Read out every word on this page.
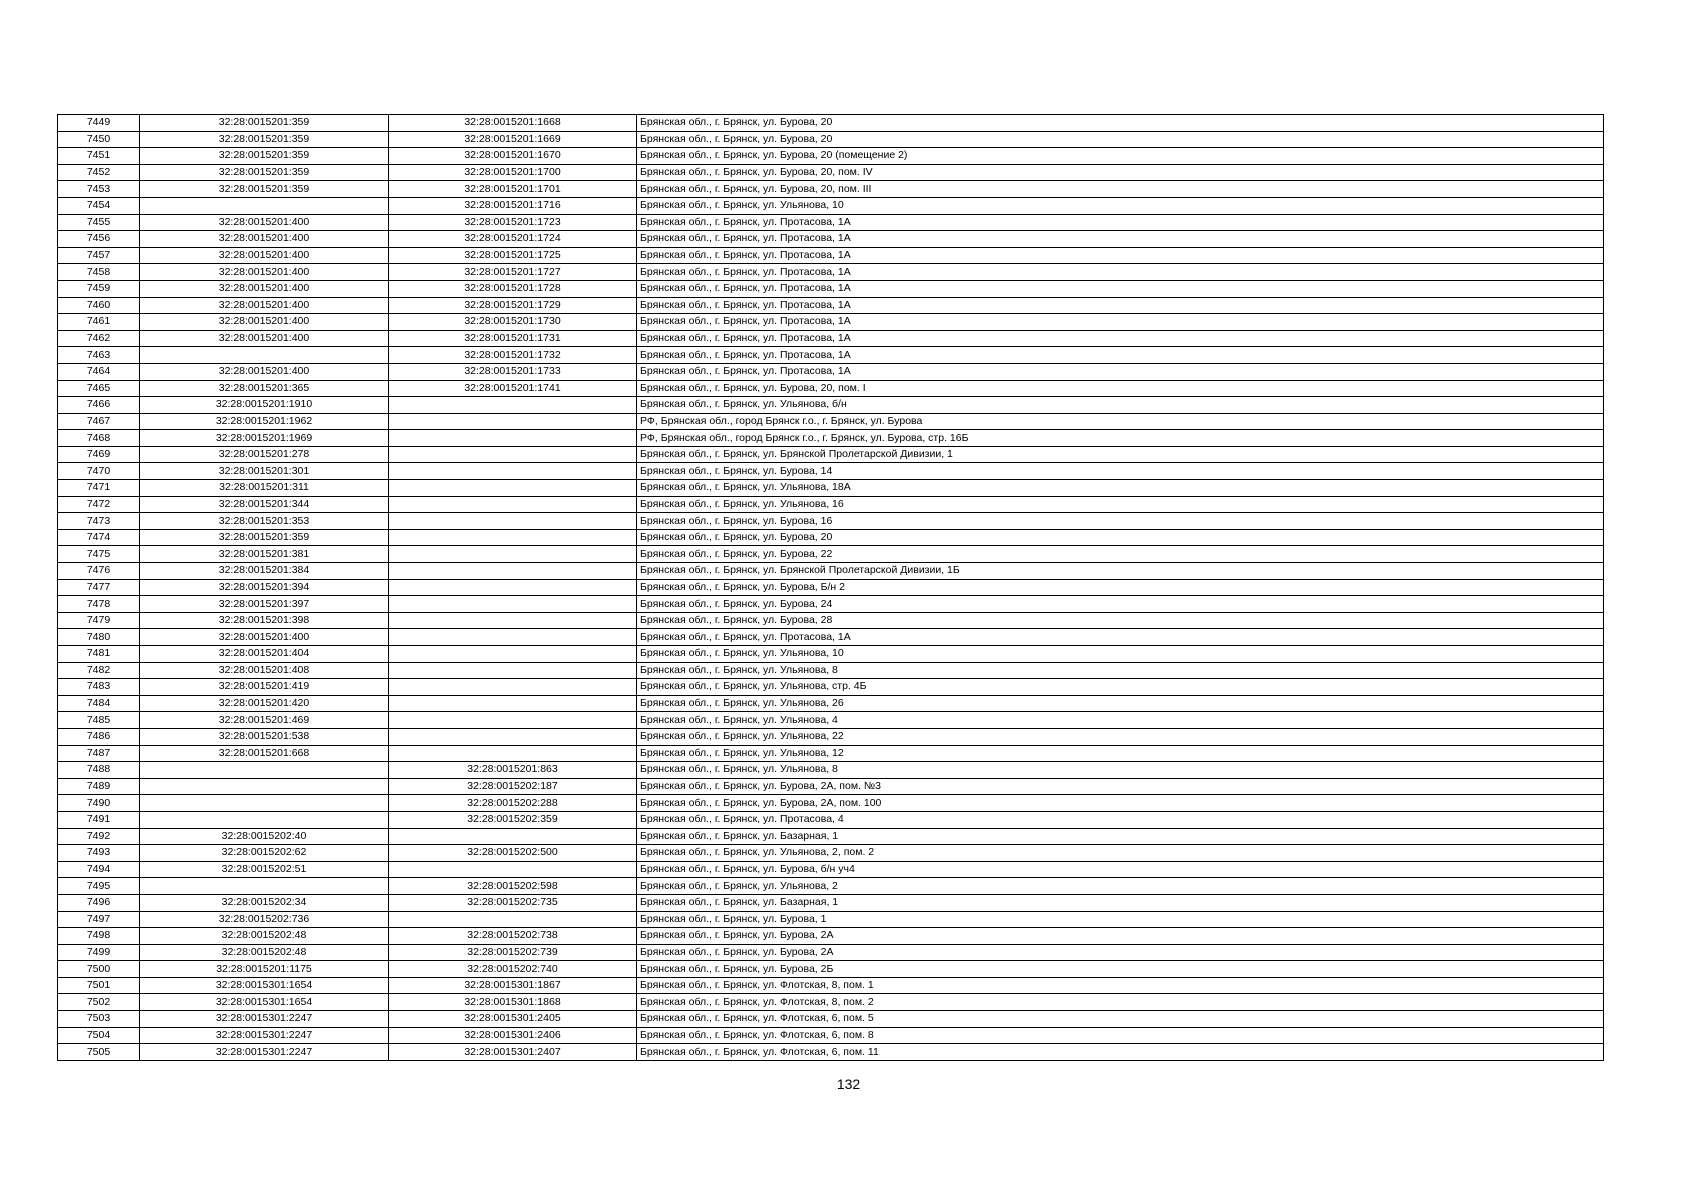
7449	32:28:0015201:359	32:28:0015201:1668	Брянская обл., г. Брянск, ул. Бурова, 20
7450	32:28:0015201:359	32:28:0015201:1669	Брянская обл., г. Брянск, ул. Бурова, 20
7451	32:28:0015201:359	32:28:0015201:1670	Брянская обл., г. Брянск, ул. Бурова, 20 (помещение 2)
7452	32:28:0015201:359	32:28:0015201:1700	Брянская обл., г. Брянск, ул. Бурова, 20, пом. IV
7453	32:28:0015201:359	32:28:0015201:1701	Брянская обл., г. Брянск, ул. Бурова, 20, пом. III
7454		32:28:0015201:1716	Брянская обл., г. Брянск, ул. Ульянова, 10
7455	32:28:0015201:400	32:28:0015201:1723	Брянская обл., г. Брянск, ул. Протасова, 1А
7456	32:28:0015201:400	32:28:0015201:1724	Брянская обл., г. Брянск, ул. Протасова, 1А
7457	32:28:0015201:400	32:28:0015201:1725	Брянская обл., г. Брянск, ул. Протасова, 1А
7458	32:28:0015201:400	32:28:0015201:1727	Брянская обл., г. Брянск, ул. Протасова, 1А
7459	32:28:0015201:400	32:28:0015201:1728	Брянская обл., г. Брянск, ул. Протасова, 1А
7460	32:28:0015201:400	32:28:0015201:1729	Брянская обл., г. Брянск, ул. Протасова, 1А
7461	32:28:0015201:400	32:28:0015201:1730	Брянская обл., г. Брянск, ул. Протасова, 1А
7462	32:28:0015201:400	32:28:0015201:1731	Брянская обл., г. Брянск, ул. Протасова, 1А
7463		32:28:0015201:1732	Брянская обл., г. Брянск, ул. Протасова, 1А
7464	32:28:0015201:400	32:28:0015201:1733	Брянская обл., г. Брянск, ул. Протасова, 1А
7465	32:28:0015201:365	32:28:0015201:1741	Брянская обл., г. Брянск, ул. Бурова, 20, пом. I
7466	32:28:0015201:1910		Брянская обл., г. Брянск, ул. Ульянова, б/н
7467	32:28:0015201:1962		РФ, Брянская обл., город Брянск г.о., г. Брянск, ул. Бурова
7468	32:28:0015201:1969		РФ, Брянская обл., город Брянск г.о., г. Брянск, ул. Бурова, стр. 16Б
7469	32:28:0015201:278		Брянская обл., г. Брянск, ул. Брянской Пролетарской Дивизии, 1
7470	32:28:0015201:301		Брянская обл., г. Брянск, ул. Бурова, 14
7471	32:28:0015201:311		Брянская обл., г. Брянск, ул. Ульянова, 18А
7472	32:28:0015201:344		Брянская обл., г. Брянск, ул. Ульянова, 16
7473	32:28:0015201:353		Брянская обл., г. Брянск, ул. Бурова, 16
7474	32:28:0015201:359		Брянская обл., г. Брянск, ул. Бурова, 20
7475	32:28:0015201:381		Брянская обл., г. Брянск, ул. Бурова, 22
7476	32:28:0015201:384		Брянская обл., г. Брянск, ул. Брянской Пролетарской Дивизии, 1Б
7477	32:28:0015201:394		Брянская обл., г. Брянск, ул. Бурова, Б/н 2
7478	32:28:0015201:397		Брянская обл., г. Брянск, ул. Бурова, 24
7479	32:28:0015201:398		Брянская обл., г. Брянск, ул. Бурова, 28
7480	32:28:0015201:400		Брянская обл., г. Брянск, ул. Протасова, 1А
7481	32:28:0015201:404		Брянская обл., г. Брянск, ул. Ульянова, 10
7482	32:28:0015201:408		Брянская обл., г. Брянск, ул. Ульянова, 8
7483	32:28:0015201:419		Брянская обл., г. Брянск, ул. Ульянова, стр. 4Б
7484	32:28:0015201:420		Брянская обл., г. Брянск, ул. Ульянова, 26
7485	32:28:0015201:469		Брянская обл., г. Брянск, ул. Ульянова, 4
7486	32:28:0015201:538		Брянская обл., г. Брянск, ул. Ульянова, 22
7487	32:28:0015201:668		Брянская обл., г. Брянск, ул. Ульянова, 12
7488		32:28:0015201:863	Брянская обл., г. Брянск, ул. Ульянова, 8
7489		32:28:0015202:187	Брянская обл., г. Брянск, ул. Бурова, 2А, пом. №3
7490		32:28:0015202:288	Брянская обл., г. Брянск, ул. Бурова, 2А, пом. 100
7491		32:28:0015202:359	Брянская обл., г. Брянск, ул. Протасова, 4
7492	32:28:0015202:40		Брянская обл., г. Брянск, ул. Базарная, 1
7493	32:28:0015202:62	32:28:0015202:500	Брянская обл., г. Брянск, ул. Ульянова, 2, пом. 2
7494	32:28:0015202:51		Брянская обл., г. Брянск, ул. Бурова, б/н уч4
7495		32:28:0015202:598	Брянская обл., г. Брянск, ул. Ульянова, 2
7496	32:28:0015202:34	32:28:0015202:735	Брянская обл., г. Брянск, ул. Базарная, 1
7497	32:28:0015202:736		Брянская обл., г. Брянск, ул. Бурова, 1
7498	32:28:0015202:48	32:28:0015202:738	Брянская обл., г. Брянск, ул. Бурова, 2А
7499	32:28:0015202:48	32:28:0015202:739	Брянская обл., г. Брянск, ул. Бурова, 2А
7500	32:28:0015201:1175	32:28:0015202:740	Брянская обл., г. Брянск, ул. Бурова, 2Б
7501	32:28:0015301:1654	32:28:0015301:1867	Брянская обл., г. Брянск, ул. Флотская, 8, пом. 1
7502	32:28:0015301:1654	32:28:0015301:1868	Брянская обл., г. Брянск, ул. Флотская, 8, пом. 2
7503	32:28:0015301:2247	32:28:0015301:2405	Брянская обл., г. Брянск, ул. Флотская, 6, пом. 5
7504	32:28:0015301:2247	32:28:0015301:2406	Брянская обл., г. Брянск, ул. Флотская, 6, пом. 8
7505	32:28:0015301:2247	32:28:0015301:2407	Брянская обл., г. Брянск, ул. Флотская, 6, пом. 11
132
